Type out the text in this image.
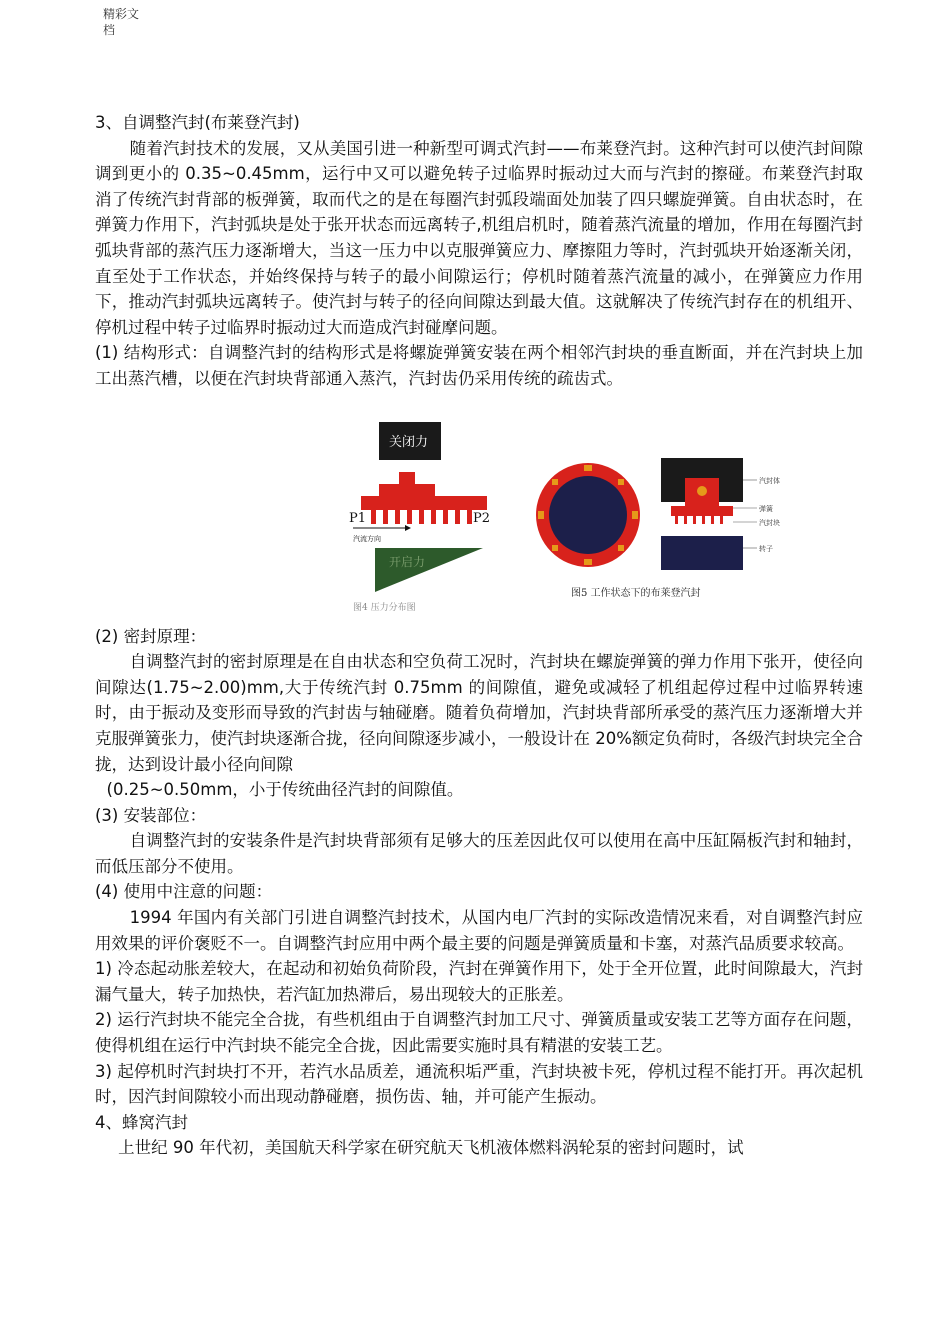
精彩文
档

3、自调整汽封(布莱登汽封)

随着汽封技术的发展，又从美国引进一种新型可调式汽封——布莱登汽封。这种汽封可以使汽封间隙调到更小的 0.35~0.45mm，运行中又可以避免转子过临界时振动过大而与汽封的擦碰。布莱登汽封取消了传统汽封背部的板弹簧，取而代之的是在每圈汽封弧段端面处加装了四只螺旋弹簧。自由状态时，在弹簧力作用下，汽封弧块是处于张开状态而远离转子,机组启机时，随着蒸汽流量的增加，作用在每圈汽封弧块背部的蒸汽压力逐渐增大，当这一压力中以克服弹簧应力、摩擦阻力等时，汽封弧块开始逐渐关闭，直至处于工作状态，并始终保持与转子的最小间隙运行；停机时随着蒸汽流量的减小，在弹簧应力作用下，推动汽封弧块远离转子。使汽封与转子的径向间隙达到最大值。这就解决了传统汽封存在的机组开、停机过程中转子过临界时振动过大而造成汽封碰摩问题。

(1) 结构形式：自调整汽封的结构形式是将螺旋弹簧安装在两个相邻汽封块的垂直断面，并在汽封块上加工出蒸汽槽，以便在汽封块背部通入蒸汽，汽封齿仍采用传统的疏齿式。

关闭力
P1	P2
汽流方向
开启力
图4 压力分布图
图5 工作状态下的布莱登汽封
汽封体
弹簧
汽封块
转子

(2) 密封原理：

自调整汽封的密封原理是在自由状态和空负荷工况时，汽封块在螺旋弹簧的弹力作用下张开，使径向间隙达(1.75~2.00)mm,大于传统汽封 0.75mm 的间隙值，避免或减轻了机组起停过程中过临界转速时，由于振动及变形而导致的汽封齿与轴碰磨。随着负荷增加，汽封块背部所承受的蒸汽压力逐渐增大并克服弹簧张力，使汽封块逐渐合拢，径向间隙逐步减小，一般设计在 20%额定负荷时，各级汽封块完全合拢，达到设计最小径向间隙

(0.25~0.50mm，小于传统曲径汽封的间隙值。

(3) 安装部位：

自调整汽封的安装条件是汽封块背部须有足够大的压差因此仅可以使用在高中压缸隔板汽封和轴封，而低压部分不使用。

(4) 使用中注意的问题：

1994 年国内有关部门引进自调整汽封技术，从国内电厂汽封的实际改造情况来看，对自调整汽封应用效果的评价褒贬不一。自调整汽封应用中两个最主要的问题是弹簧质量和卡塞，对蒸汽品质要求较高。

1) 冷态起动胀差较大，在起动和初始负荷阶段，汽封在弹簧作用下，处于全开位置，此时间隙最大，汽封漏气量大，转子加热快，若汽缸加热滞后，易出现较大的正胀差。

2) 运行汽封块不能完全合拢，有些机组由于自调整汽封加工尺寸、弹簧质量或安装工艺等方面存在问题，使得机组在运行中汽封块不能完全合拢，因此需要实施时具有精湛的安装工艺。

3) 起停机时汽封块打不开，若汽水品质差，通流积垢严重，汽封块被卡死，停机过程不能打开。再次起机时，因汽封间隙较小而出现动静碰磨，损伤齿、轴，并可能产生振动。

4、蜂窝汽封

上世纪 90 年代初，美国航天科学家在研究航天飞机液体燃料涡轮泵的密封问题时，试
